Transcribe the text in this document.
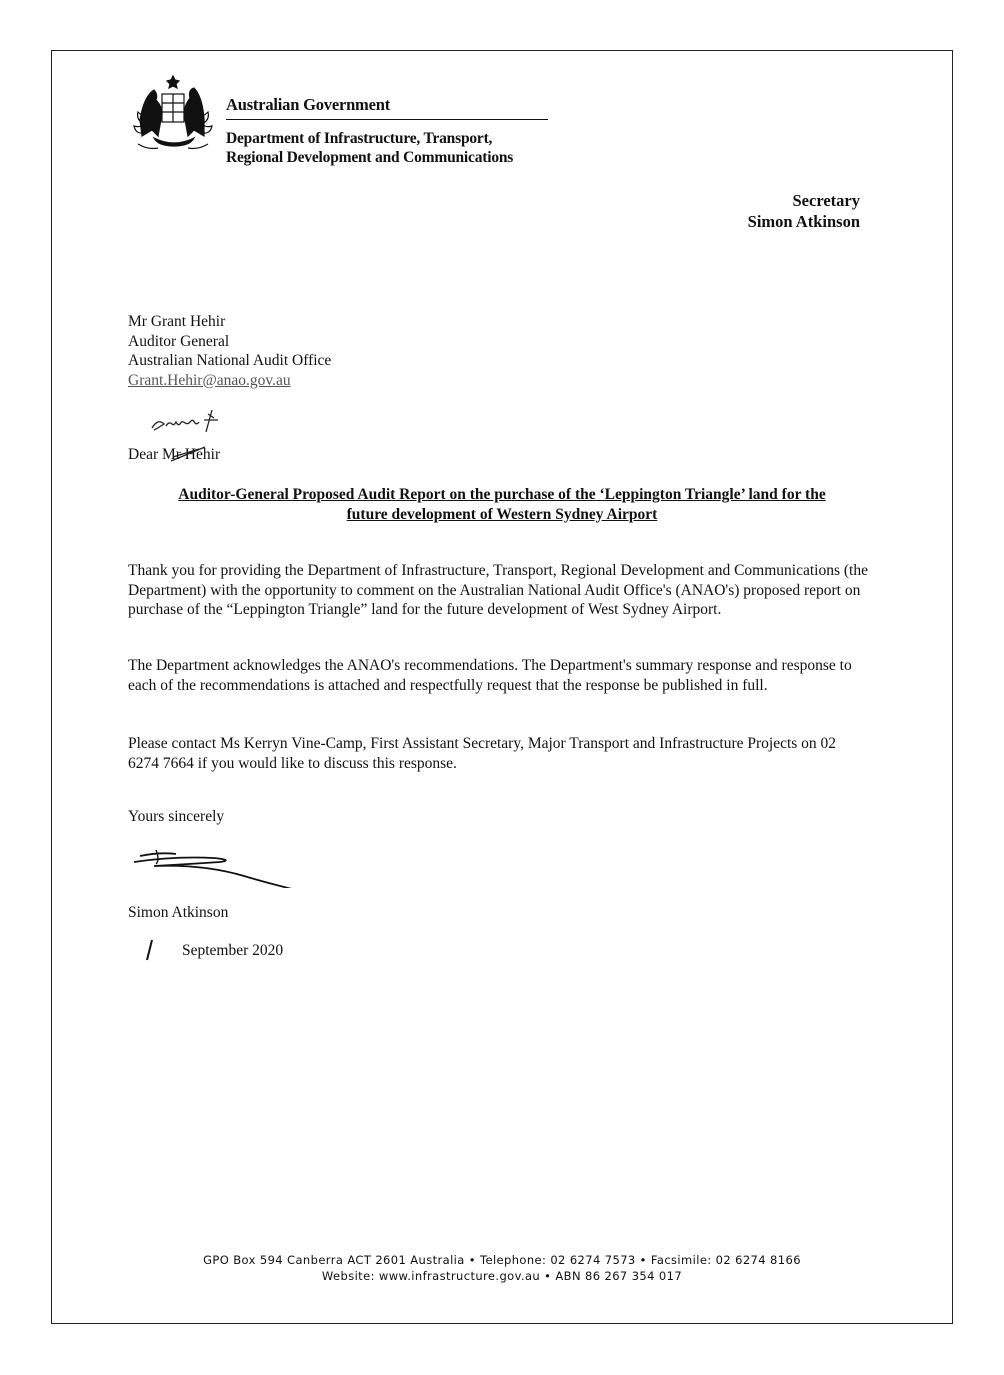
Australian Government
Department of Infrastructure, Transport,
Regional Development and Communications
Secretary
Simon Atkinson
Mr Grant Hehir
Auditor General
Australian National Audit Office
Grant.Hehir@anao.gov.au
Dear Mr Hehir
Auditor-General Proposed Audit Report on the purchase of the ‘Leppington Triangle’ land for the
future development of Western Sydney Airport
Thank you for providing the Department of Infrastructure, Transport, Regional Development and Communications (the Department) with the opportunity to comment on the Australian National Audit Office's (ANAO's) proposed report on purchase of the “Leppington Triangle” land for the future development of West Sydney Airport.
The Department acknowledges the ANAO's recommendations. The Department's summary response and response to each of the recommendations is attached and respectfully request that the response be published in full.
Please contact Ms Kerryn Vine-Camp, First Assistant Secretary, Major Transport and Infrastructure Projects on 02 6274 7664 if you would like to discuss this response.
Yours sincerely
Simon Atkinson
September 2020
GPO Box 594 Canberra ACT 2601 Australia • Telephone: 02 6274 7573 • Facsimile: 02 6274 8166
Website: www.infrastructure.gov.au • ABN 86 267 354 017
